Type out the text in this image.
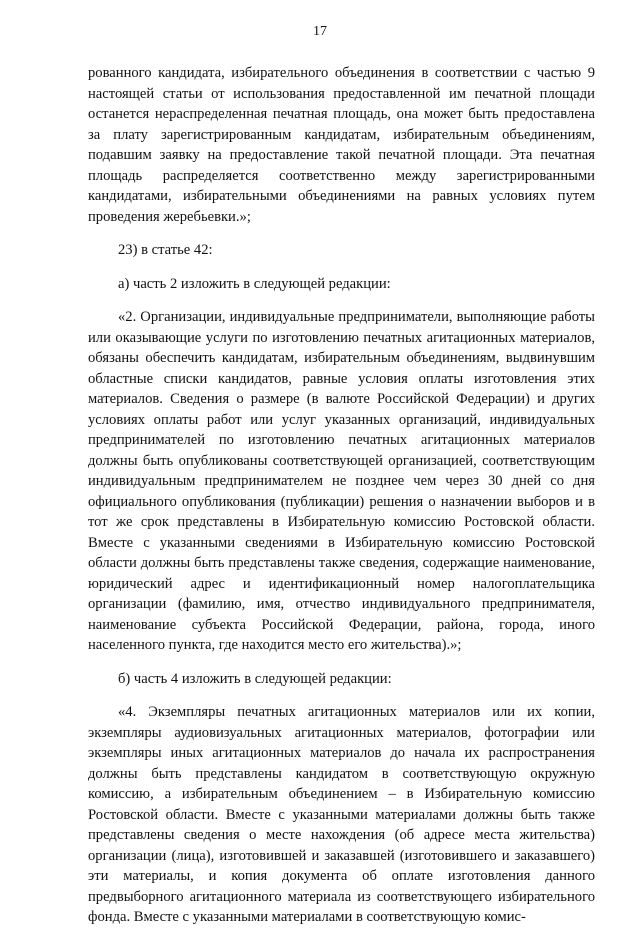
17

рованного кандидата, избирательного объединения в соответствии с частью 9 настоящей статьи от использования предоставленной им печатной площади останется нераспределенная печатная площадь, она может быть предоставлена за плату зарегистрированным кандидатам, избирательным объединениям, подавшим заявку на предоставление такой печатной площади. Эта печатная площадь распределяется соответственно между зарегистрированными кандидатами, избирательными объединениями на равных условиях путем проведения жеребьевки.»;

23) в статье 42:

а) часть 2 изложить в следующей редакции:

«2. Организации, индивидуальные предприниматели, выполняющие работы или оказывающие услуги по изготовлению печатных агитационных материалов, обязаны обеспечить кандидатам, избирательным объединениям, выдвинувшим областные списки кандидатов, равные условия оплаты изготовления этих материалов. Сведения о размере (в валюте Российской Федерации) и других условиях оплаты работ или услуг указанных организаций, индивидуальных предпринимателей по изготовлению печатных агитационных материалов должны быть опубликованы соответствующей организацией, соответствующим индивидуальным предпринимателем не позднее чем через 30 дней со дня официального опубликования (публикации) решения о назначении выборов и в тот же срок представлены в Избирательную комиссию Ростовской области. Вместе с указанными сведениями в Избирательную комиссию Ростовской области должны быть представлены также сведения, содержащие наименование, юридический адрес и идентификационный номер налогоплательщика организации (фамилию, имя, отчество индивидуального предпринимателя, наименование субъекта Российской Федерации, района, города, иного населенного пункта, где находится место его жительства).»;

б) часть 4 изложить в следующей редакции:

«4. Экземпляры печатных агитационных материалов или их копии, экземпляры аудиовизуальных агитационных материалов, фотографии или экземпляры иных агитационных материалов до начала их распространения должны быть представлены кандидатом в соответствующую окружную комиссию, а избирательным объединением – в Избирательную комиссию Ростовской области. Вместе с указанными материалами должны быть также представлены сведения о месте нахождения (об адресе места жительства) организации (лица), изготовившей и заказавшей (изготовившего и заказавшего) эти материалы, и копия документа об оплате изготовления данного предвыборного агитационного материала из соответствующего избирательного фонда. Вместе с указанными материалами в соответствующую комис-
